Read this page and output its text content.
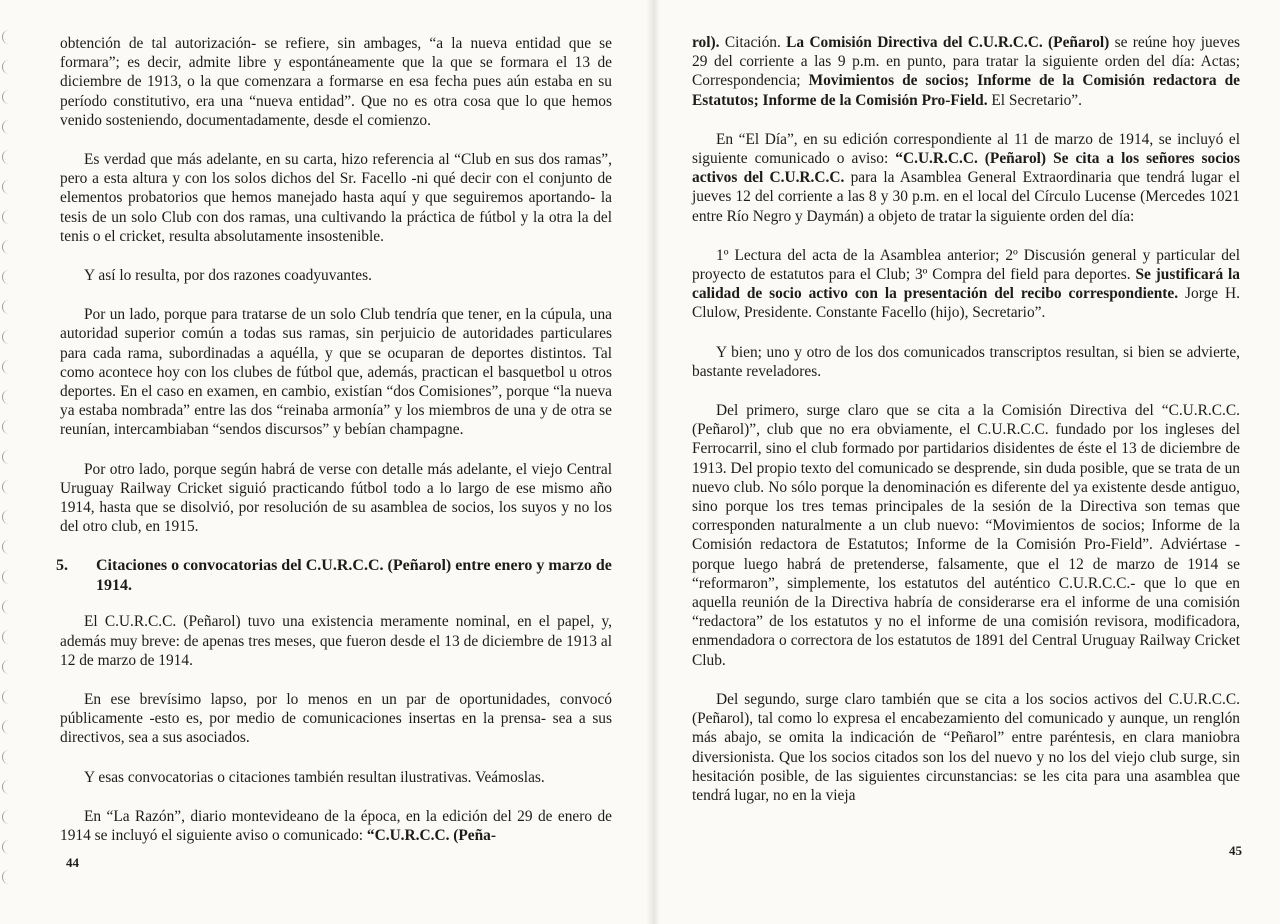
obtención de tal autorización- se refiere, sin ambages, “a la nueva entidad que se formara”; es decir, admite libre y espontáneamente que la que se formara el 13 de diciembre de 1913, o la que comenzara a formarse en esa fecha pues aún estaba en su período constitutivo, era una “nueva entidad”. Que no es otra cosa que lo que hemos venido sosteniendo, documentadamente, desde el comienzo.

Es verdad que más adelante, en su carta, hizo referencia al “Club en sus dos ramas”, pero a esta altura y con los solos dichos del Sr. Facello -ni qué decir con el conjunto de elementos probatorios que hemos manejado hasta aquí y que seguiremos aportando- la tesis de un solo Club con dos ramas, una cultivando la práctica de fútbol y la otra la del tenis o el cricket, resulta absolutamente insostenible.

Y así lo resulta, por dos razones coadyuvantes.

Por un lado, porque para tratarse de un solo Club tendría que tener, en la cúpula, una autoridad superior común a todas sus ramas, sin perjuicio de autoridades particulares para cada rama, subordinadas a aquélla, y que se ocuparan de deportes distintos. Tal como acontece hoy con los clubes de fútbol que, además, practican el basquetbol u otros deportes. En el caso en examen, en cambio, existían “dos Comisiones”, porque “la nueva ya estaba nombrada” entre las dos “reinaba armonía” y los miembros de una y de otra se reunían, intercambiaban “sendos discursos” y bebían champagne.

Por otro lado, porque según habrá de verse con detalle más adelante, el viejo Central Uruguay Railway Cricket siguió practicando fútbol todo a lo largo de ese mismo año 1914, hasta que se disolvió, por resolución de su asamblea de socios, los suyos y no los del otro club, en 1915.

5. Citaciones o convocatorias del C.U.R.C.C. (Peñarol) entre enero y marzo de 1914.

El C.U.R.C.C. (Peñarol) tuvo una existencia meramente nominal, en el papel, y, además muy breve: de apenas tres meses, que fueron desde el 13 de diciembre de 1913 al 12 de marzo de 1914.

En ese brevísimo lapso, por lo menos en un par de oportunidades, convocó públicamente -esto es, por medio de comunicaciones insertas en la prensa- sea a sus directivos, sea a sus asociados.

Y esas convocatorias o citaciones también resultan ilustrativas. Veámoslas.

En “La Razón”, diario montevideano de la época, en la edición del 29 de enero de 1914 se incluyó el siguiente aviso o comunicado: “C.U.R.C.C. (Peña-

44

rol). Citación. La Comisión Directiva del C.U.R.C.C. (Peñarol) se reúne hoy jueves 29 del corriente a las 9 p.m. en punto, para tratar la siguiente orden del día: Actas; Correspondencia; Movimientos de socios; Informe de la Comisión redactora de Estatutos; Informe de la Comisión Pro-Field. El Secretario”.

En “El Día”, en su edición correspondiente al 11 de marzo de 1914, se incluyó el siguiente comunicado o aviso: “C.U.R.C.C. (Peñarol) Se cita a los señores socios activos del C.U.R.C.C. para la Asamblea General Extraordinaria que tendrá lugar el jueves 12 del corriente a las 8 y 30 p.m. en el local del Círculo Lucense (Mercedes 1021 entre Río Negro y Daymán) a objeto de tratar la siguiente orden del día:

1º Lectura del acta de la Asamblea anterior; 2º Discusión general y particular del proyecto de estatutos para el Club; 3º Compra del field para deportes. Se justificará la calidad de socio activo con la presentación del recibo correspondiente. Jorge H. Clulow, Presidente. Constante Facello (hijo), Secretario”.

Y bien; uno y otro de los dos comunicados transcriptos resultan, si bien se advierte, bastante reveladores.

Del primero, surge claro que se cita a la Comisión Directiva del “C.U.R.C.C. (Peñarol)”, club que no era obviamente, el C.U.R.C.C. fundado por los ingleses del Ferrocarril, sino el club formado por partidarios disidentes de éste el 13 de diciembre de 1913. Del propio texto del comunicado se desprende, sin duda posible, que se trata de un nuevo club. No sólo porque la denominación es diferente del ya existente desde antiguo, sino porque los tres temas principales de la sesión de la Directiva son temas que corresponden naturalmente a un club nuevo: “Movimientos de socios; Informe de la Comisión redactora de Estatutos; Informe de la Comisión Pro-Field”. Adviértase -porque luego habrá de pretenderse, falsamente, que el 12 de marzo de 1914 se “reformaron”, simplemente, los estatutos del auténtico C.U.R.C.C.- que lo que en aquella reunión de la Directiva habría de considerarse era el informe de una comisión “redactora” de los estatutos y no el informe de una comisión revisora, modificadora, enmendadora o correctora de los estatutos de 1891 del Central Uruguay Railway Cricket Club.

Del segundo, surge claro también que se cita a los socios activos del C.U.R.C.C. (Peñarol), tal como lo expresa el encabezamiento del comunicado y aunque, un renglón más abajo, se omita la indicación de “Peñarol” entre paréntesis, en clara maniobra diversionista. Que los socios citados son los del nuevo y no los del viejo club surge, sin hesitación posible, de las siguientes circunstancias: se les cita para una asamblea que tendrá lugar, no en la vieja

45
